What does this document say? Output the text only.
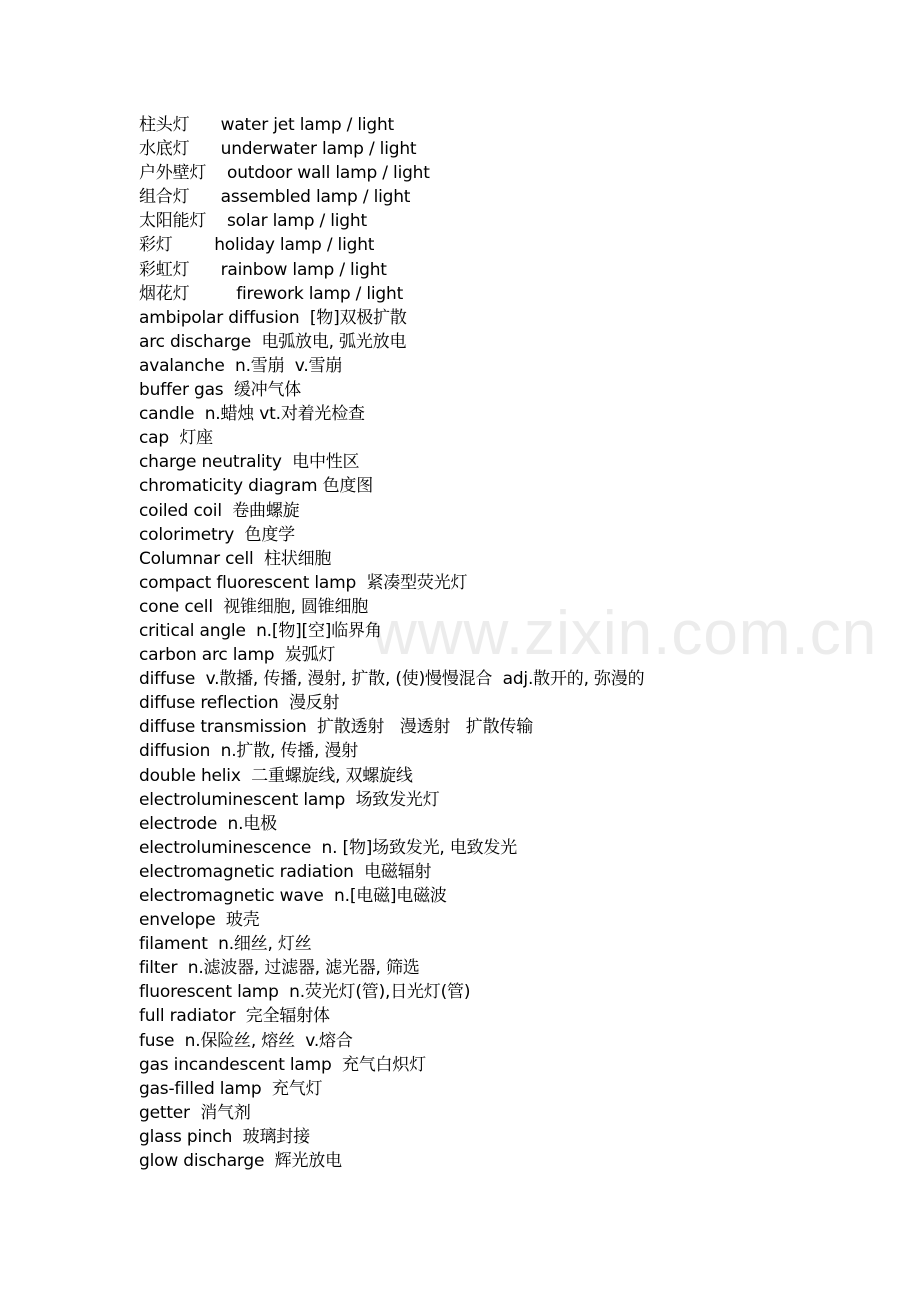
www.zixin.com.cn
柱头灯      water jet lamp / light
水底灯      underwater lamp / light
户外壁灯    outdoor wall lamp / light
组合灯      assembled lamp / light
太阳能灯    solar lamp / light
彩灯        holiday lamp / light
彩虹灯      rainbow lamp / light
烟花灯         firework lamp / light
ambipolar diffusion  [物]双极扩散
arc discharge  电弧放电, 弧光放电
avalanche  n.雪崩  v.雪崩
buffer gas  缓冲气体
candle  n.蜡烛 vt.对着光检查
cap  灯座
charge neutrality  电中性区
chromaticity diagram 色度图
coiled coil  卷曲螺旋
colorimetry  色度学
Columnar cell  柱状细胞
compact fluorescent lamp  紧凑型荧光灯
cone cell  视锥细胞, 圆锥细胞
critical angle  n.[物][空]临界角
carbon arc lamp  炭弧灯
diffuse  v.散播, 传播, 漫射, 扩散, (使)慢慢混合  adj.散开的, 弥漫的
diffuse reflection  漫反射
diffuse transmission  扩散透射   漫透射   扩散传输
diffusion  n.扩散, 传播, 漫射
double helix  二重螺旋线, 双螺旋线
electroluminescent lamp  场致发光灯
electrode  n.电极
electroluminescence  n. [物]场致发光, 电致发光
electromagnetic radiation  电磁辐射
electromagnetic wave  n.[电磁]电磁波
envelope  玻壳
filament  n.细丝, 灯丝
filter  n.滤波器, 过滤器, 滤光器, 筛选
fluorescent lamp  n.荧光灯(管),日光灯(管)
full radiator  完全辐射体
fuse  n.保险丝, 熔丝  v.熔合
gas incandescent lamp  充气白炽灯
gas-filled lamp  充气灯
getter  消气剂
glass pinch  玻璃封接
glow discharge  辉光放电
